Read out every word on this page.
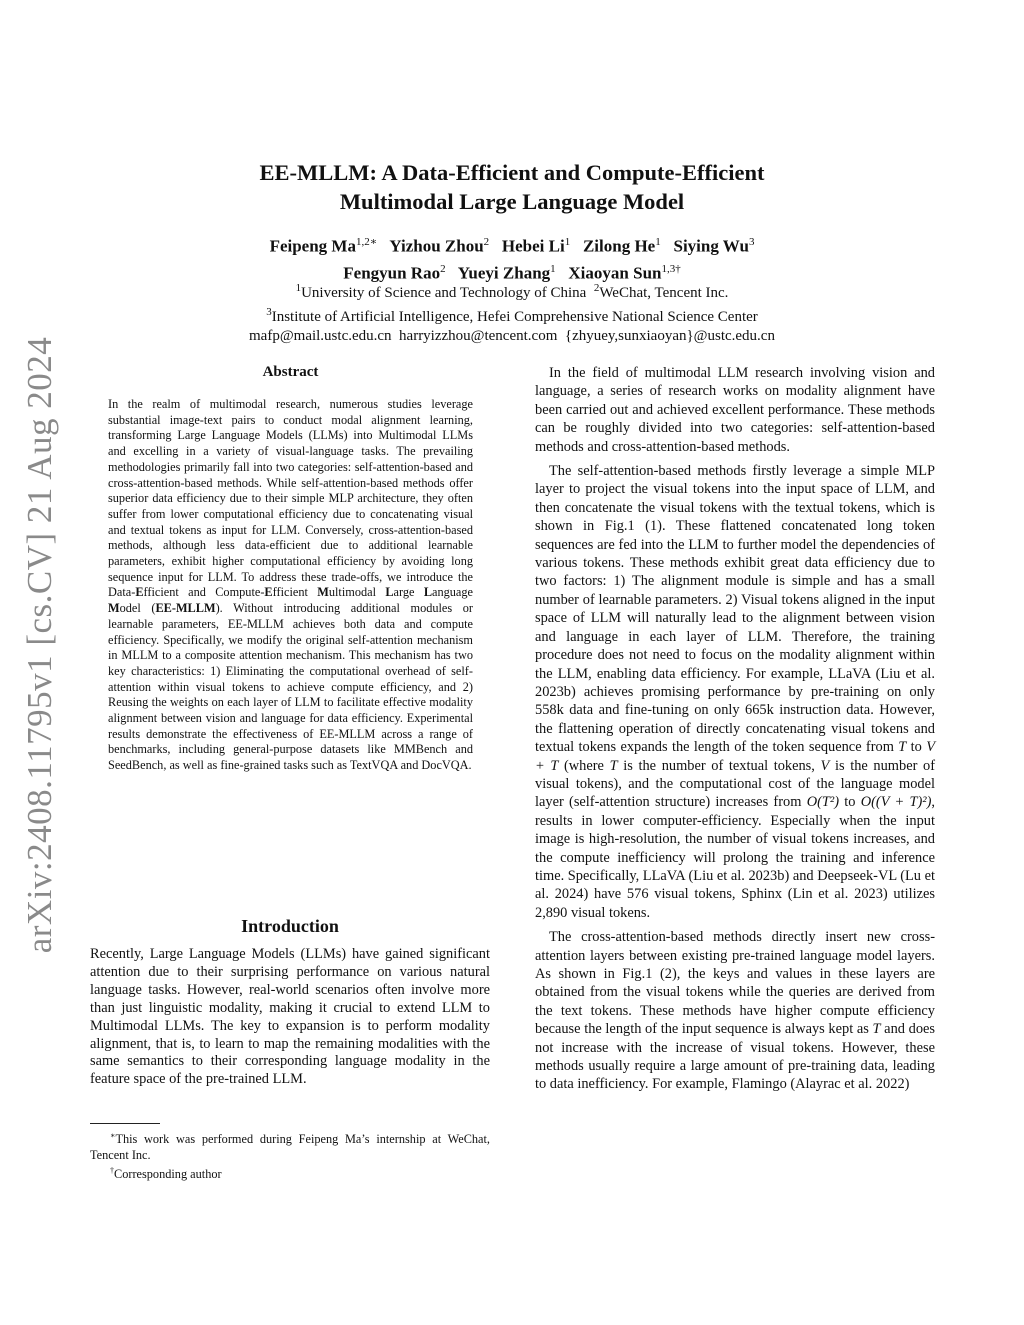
arXiv:2408.11795v1 [cs.CV] 21 Aug 2024
EE-MLLM: A Data-Efficient and Compute-Efficient
Multimodal Large Language Model
Feipeng $Ma^{1,2∗}$ Yizhou Zhou$^2$ Hebei Li$^1$ Zilong He$^1$ Siying Wu$^3$
Fengyun Rao$^2$ Yueyi Zhang$^1$ Xiaoyan Sun$^{1,3\dagger}$
$^1$University of Science and Technology of China $^2$WeChat, Tencent Inc.
$^3$Institute of Artificial Intelligence, Hefei Comprehensive National Science Center
mafp@mail.ustc.edu.cn  harryizzhou@tencent.com  {zhyuey,sunxiaoyan}@ustc.edu.cn
Abstract
In the realm of multimodal research, numerous studies leverage substantial image-text pairs to conduct modal alignment learning, transforming Large Language Models (LLMs) into Multimodal LLMs and excelling in a variety of visual-language tasks. The prevailing methodologies primarily fall into two categories: self-attention-based and cross-attention-based methods. While self-attention-based methods offer superior data efficiency due to their simple MLP architecture, they often suffer from lower computational efficiency due to concatenating visual and textual tokens as input for LLM. Conversely, cross-attention-based methods, although less data-efficient due to additional learnable parameters, exhibit higher computational efficiency by avoiding long sequence input for LLM. To address these trade-offs, we introduce the Data-Efficient and Compute-Efficient Multimodal Large Language Model (EE-MLLM). Without introducing additional modules or learnable parameters, EE-MLLM achieves both data and compute efficiency. Specifically, we modify the original self-attention mechanism in MLLM to a composite attention mechanism. This mechanism has two key characteristics: 1) Eliminating the computational overhead of self-attention within visual tokens to achieve compute efficiency, and 2) Reusing the weights on each layer of LLM to facilitate effective modality alignment between vision and language for data efficiency. Experimental results demonstrate the effectiveness of EE-MLLM across a range of benchmarks, including general-purpose datasets like MMBench and SeedBench, as well as fine-grained tasks such as TextVQA and DocVQA.
Introduction
Recently, Large Language Models (LLMs) have gained significant attention due to their surprising performance on various natural language tasks. However, real-world scenarios often involve more than just linguistic modality, making it crucial to extend LLM to Multimodal LLMs. The key to expansion is to perform modality alignment, that is, to learn to map the remaining modalities with the same semantics to their corresponding language modality in the feature space of the pre-trained LLM.

∗This work was performed during Feipeng Ma’s internship at WeChat, Tencent Inc.

†Corresponding author

In the field of multimodal LLM research involving vision and language, a series of research works on modality alignment have been carried out and achieved excellent performance. These methods can be roughly divided into two categories: self-attention-based methods and cross-attention-based methods.

The self-attention-based methods firstly leverage a simple MLP layer to project the visual tokens into the input space of LLM, and then concatenate the visual tokens with the textual tokens, which is shown in Fig.1 (1). These flattened concatenated long token sequences are fed into the LLM to further model the dependencies of various tokens. These methods exhibit great data efficiency due to two factors: 1) The alignment module is simple and has a small number of learnable parameters. 2) Visual tokens aligned in the input space of LLM will naturally lead to the alignment between vision and language in each layer of LLM. Therefore, the training procedure does not need to focus on the modality alignment within the LLM, enabling data efficiency. For example, LLaVA (Liu et al. 2023b) achieves promising performance by pre-training on only 558k data and fine-tuning on only 665k instruction data. However, the flattening operation of directly concatenating visual tokens and textual tokens expands the length of the token sequence from T to V + T (where T is the number of textual tokens, V is the number of visual tokens), and the computational cost of the language model layer (self-attention structure) increases from O(T²) to O((V + T)²), results in lower computer-efficiency. Especially when the input image is high-resolution, the number of visual tokens increases, and the compute inefficiency will prolong the training and inference time. Specifically, LLaVA (Liu et al. 2023b) and Deepseek-VL (Lu et al. 2024) have 576 visual tokens, Sphinx (Lin et al. 2023) utilizes 2,890 visual tokens.

The cross-attention-based methods directly insert new cross-attention layers between existing pre-trained language model layers. As shown in Fig.1 (2), the keys and values in these layers are obtained from the visual tokens while the queries are derived from the text tokens. These methods have higher compute efficiency because the length of the input sequence is always kept as T and does not increase with the increase of visual tokens. However, these methods usually require a large amount of pre-training data, leading to data inefficiency. For example, Flamingo (Alayrac et al. 2022)
